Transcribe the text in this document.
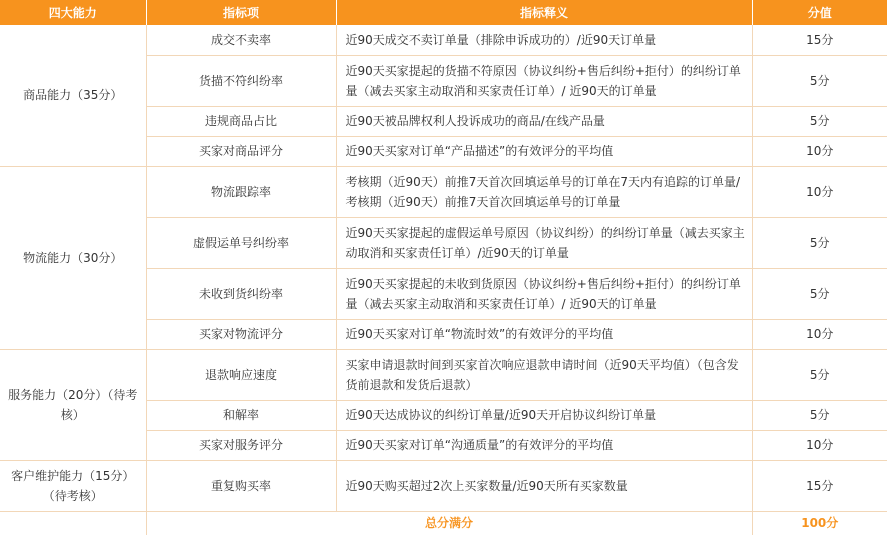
四大能力	指标项	指标释义	分值
商品能力（35分）	成交不卖率	近90天成交不卖订单量（排除申诉成功的）/近90天订单量	15分
	货描不符纠纷率	近90天买家提起的货描不符原因（协议纠纷+售后纠纷+拒付）的纠纷订单量（减去买家主动取消和买家责任订单）/ 近90天的订单量	5分
	违规商品占比	近90天被品牌权利人投诉成功的商品/在线产品量	5分
	买家对商品评分	近90天买家对订单“产品描述”的有效评分的平均值	10分
物流能力（30分）	物流跟踪率	考核期（近90天）前推7天首次回填运单号的订单在7天内有追踪的订单量/考核期（近90天）前推7天首次回填运单号的订单量	10分
	虚假运单号纠纷率	近90天买家提起的虚假运单号原因（协议纠纷）的纠纷订单量（减去买家主动取消和买家责任订单）/近90天的订单量	5分
	未收到货纠纷率	近90天买家提起的未收到货原因（协议纠纷+售后纠纷+拒付）的纠纷订单量（减去买家主动取消和买家责任订单）/ 近90天的订单量	5分
	买家对物流评分	近90天买家对订单“物流时效”的有效评分的平均值	10分
服务能力（20分）（待考核）	退款响应速度	买家申请退款时间到买家首次响应退款申请时间（近90天平均值）（包含发货前退款和发货后退款）	5分
	和解率	近90天达成协议的纠纷订单量/近90天开启协议纠纷订单量	5分
	买家对服务评分	近90天买家对订单“沟通质量”的有效评分的平均值	10分
客户维护能力（15分）（待考核）	重复购买率	近90天购买超过2次上买家数量/近90天所有买家数量	15分
	总分满分		100分
